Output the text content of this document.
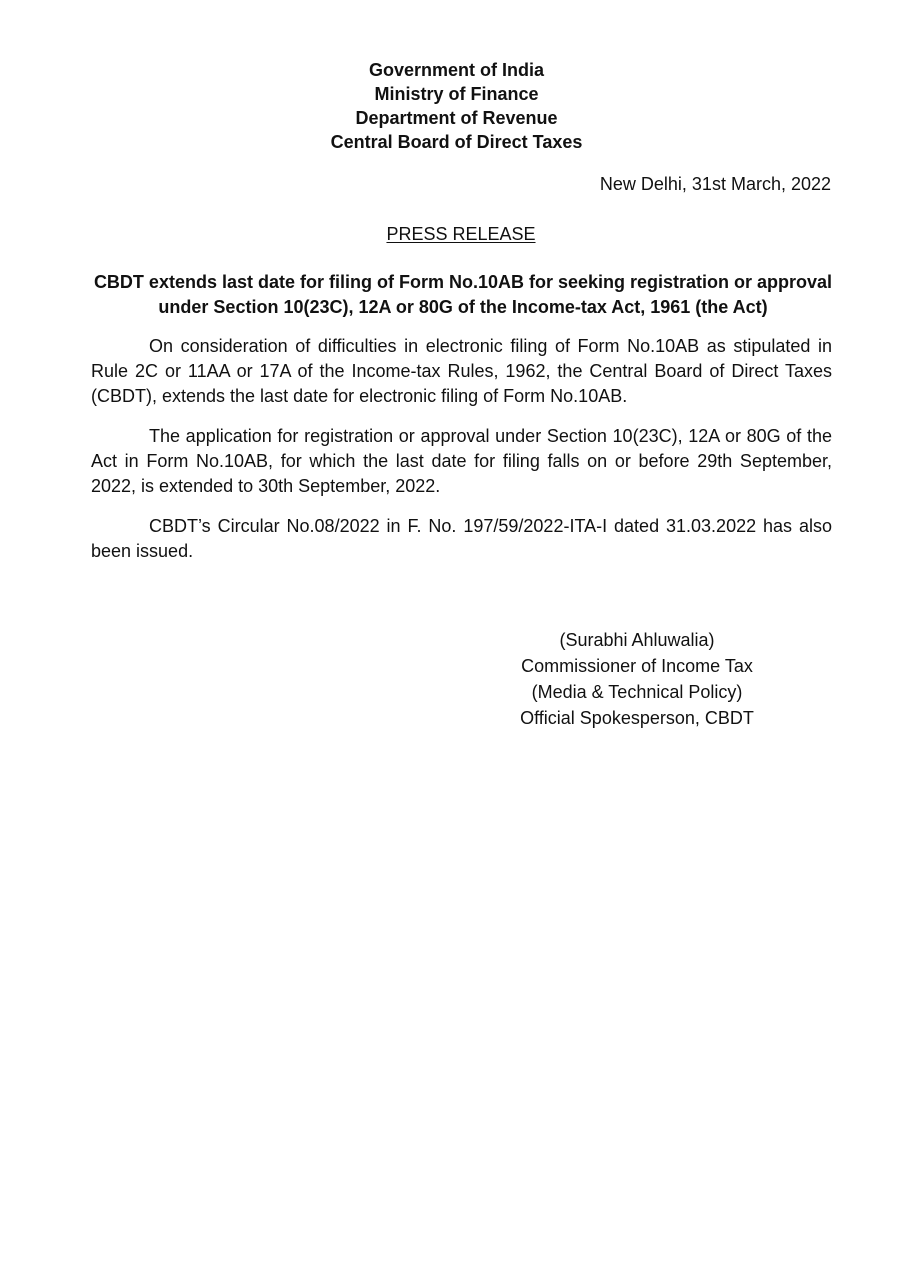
Government of India
Ministry of Finance
Department of Revenue
Central Board of Direct Taxes
New Delhi, 31st March, 2022
PRESS RELEASE
CBDT extends last date for filing of Form No.10AB for seeking registration or approval under Section 10(23C), 12A or 80G of the Income-tax Act, 1961 (the Act)

On consideration of difficulties in electronic filing of Form No.10AB as stipulated in Rule 2C or 11AA or 17A of the Income-tax Rules, 1962, the Central Board of Direct Taxes (CBDT), extends the last date for electronic filing of Form No.10AB.

The application for registration or approval under Section 10(23C), 12A or 80G of the Act in Form No.10AB, for which the last date for filing falls on or before 29th September, 2022, is extended to 30th September, 2022.

CBDT’s Circular No.08/2022 in F. No. 197/59/2022-ITA-I dated 31.03.2022 has also been issued.

(Surabhi Ahluwalia)
Commissioner of Income Tax
(Media & Technical Policy)
Official Spokesperson, CBDT
